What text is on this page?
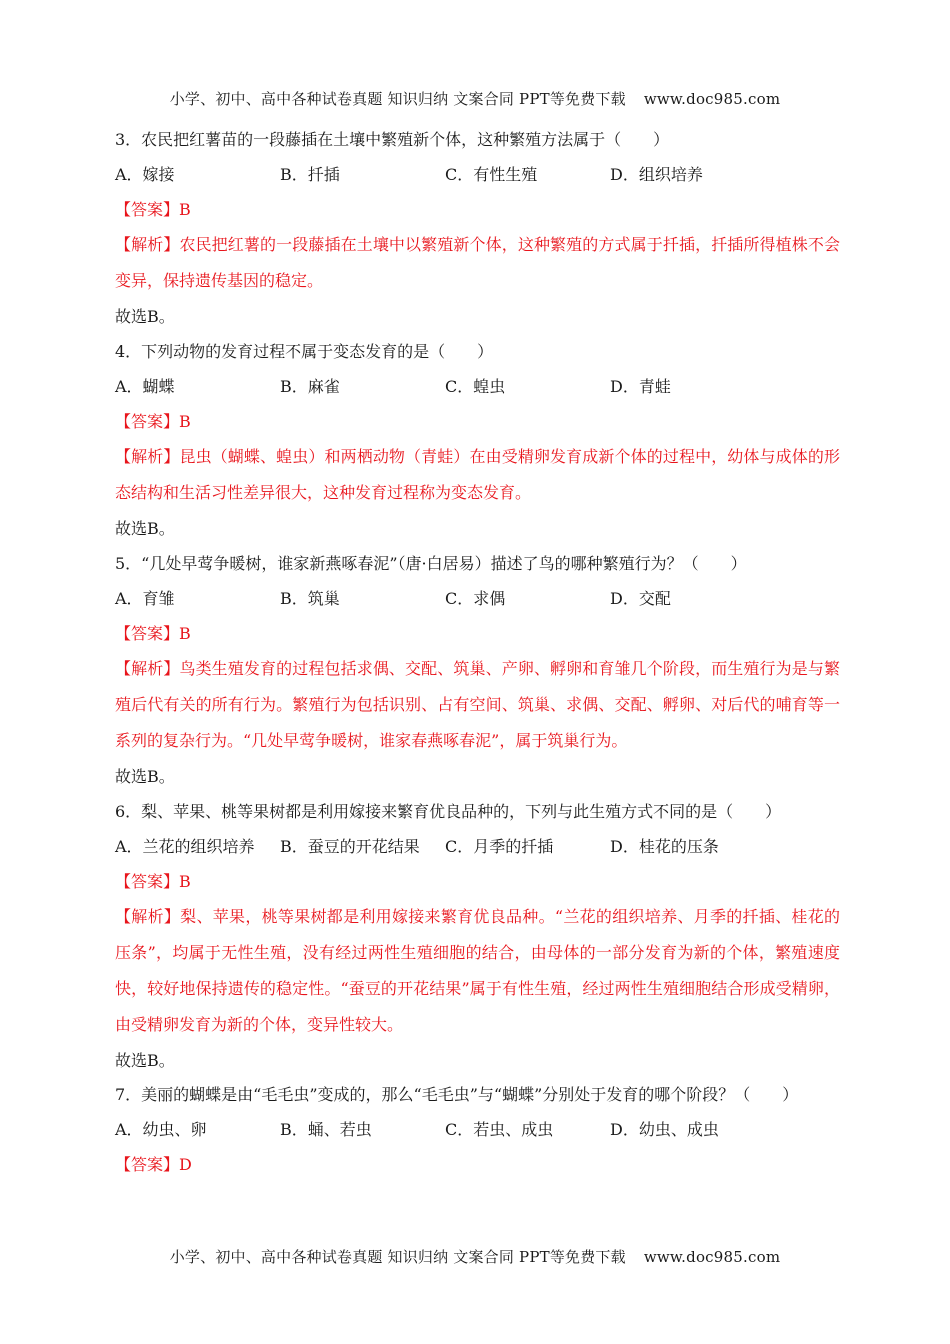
小学、初中、高中各种试卷真题 知识归纳 文案合同 PPT等免费下载 www.doc985.com
3．农民把红薯苗的一段藤插在土壤中繁殖新个体，这种繁殖方法属于（　　）
A．嫁接	B．扦插	C．有性生殖	D．组织培养
【答案】B
【解析】农民把红薯的一段藤插在土壤中以繁殖新个体，这种繁殖的方式属于扦插，扦插所得植株不会变异，保持遗传基因的稳定。
故选B。
4．下列动物的发育过程不属于变态发育的是（　　）
A．蝴蝶	B．麻雀	C．蝗虫	D．青蛙
【答案】B
【解析】昆虫（蝴蝶、蝗虫）和两栖动物（青蛙）在由受精卵发育成新个体的过程中，幼体与成体的形态结构和生活习性差异很大，这种发育过程称为变态发育。
故选B。
5．“几处早莺争暖树，谁家新燕啄春泥”（唐·白居易）描述了鸟的哪种繁殖行为？（　　）
A．育雏	B．筑巢	C．求偶	D．交配
【答案】B
【解析】鸟类生殖发育的过程包括求偶、交配、筑巢、产卵、孵卵和育雏几个阶段，而生殖行为是与繁殖后代有关的所有行为。繁殖行为包括识别、占有空间、筑巢、求偶、交配、孵卵、对后代的哺育等一系列的复杂行为。“几处早莺争暖树，谁家春燕啄春泥”，属于筑巢行为。
故选B。
6．梨、苹果、桃等果树都是利用嫁接来繁育优良品种的，下列与此生殖方式不同的是（　　）
A．兰花的组织培养	B．蚕豆的开花结果	C．月季的扦插	D．桂花的压条
【答案】B
【解析】梨、苹果，桃等果树都是利用嫁接来繁育优良品种。“兰花的组织培养、月季的扦插、桂花的压条”，均属于无性生殖，没有经过两性生殖细胞的结合，由母体的一部分发育为新的个体，繁殖速度快，较好地保持遗传的稳定性。“蚕豆的开花结果”属于有性生殖，经过两性生殖细胞结合形成受精卵，由受精卵发育为新的个体，变异性较大。
故选B。
7．美丽的蝴蝶是由“毛毛虫”变成的，那么“毛毛虫”与“蝴蝶”分别处于发育的哪个阶段？（　　）
A．幼虫、卵	B．蛹、若虫	C．若虫、成虫	D．幼虫、成虫
【答案】D
小学、初中、高中各种试卷真题 知识归纳 文案合同 PPT等免费下载 www.doc985.com
